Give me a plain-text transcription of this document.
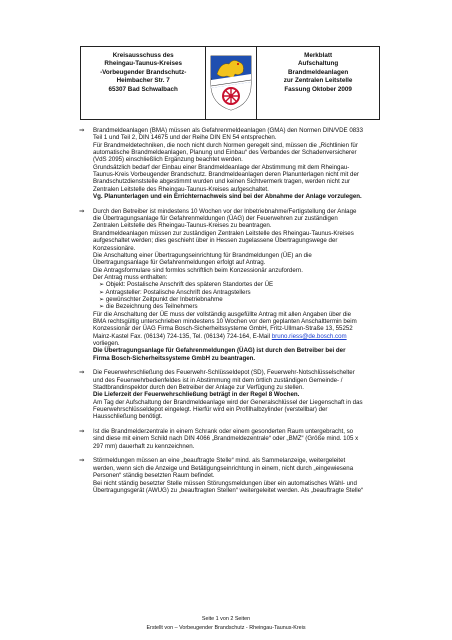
Kreisausschuss des
Rheingau-Taunus-Kreises
-Vorbeugender Brandschutz-
Heimbacher Str. 7
65307 Bad Schwalbach

Merkblatt
Aufschaltung
Brandmeldeanlagen
zur Zentralen Leitstelle
Fassung Oktober 2009
⇒	Brandmeldeanlagen (BMA) müssen als Gefahrenmeldeanlagen (GMA) den Normen DIN/VDE 0833
Teil 1 und Teil 2, DIN 14675 und der Reihe DIN EN 54 entsprechen.
Für Brandmeldetechniken, die noch nicht durch Normen geregelt sind, müssen die „Richtlinien für
automatische Brandmeldeanlagen, Planung und Einbau“ des Verbandes der Schadenversicherer
(VdS 2095) einschließlich Ergänzung beachtet werden.
Grundsätzlich bedarf der Einbau einer Brandmeldeanlage der Abstimmung mit dem Rheingau-
Taunus-Kreis Vorbeugender Brandschutz. Brandmeldeanlagen deren Planunterlagen nicht mit der
Brandschutzdienststelle abgestimmt wurden und keinen Sichtvermerk tragen, werden nicht zur
Zentralen Leitstelle des Rheingau-Taunus-Kreises aufgeschaltet.
Vg. Planunterlagen und ein Errichternachweis sind bei der Abnahme der Anlage vorzulegen.
⇒	Durch den Betreiber ist mindestens 10 Wochen vor der Inbetriebnahme/Fertigstellung der Anlage
die Übertragungsanlage für Gefahrenmeldungen (ÜAG) der Feuerwehren zur zuständigen
Zentralen Leitstelle des Rheingau-Taunus-Kreises zu beantragen.
Brandmeldeanlagen müssen zur zuständigen Zentralen Leitstelle des Rheingau-Taunus-Kreises
aufgeschaltet werden; dies geschieht über in Hessen zugelassene Übertragungswege der
Konzessionäre.
Die Anschaltung einer Übertragungseinrichtung für Brandmeldungen (ÜE) an die
Übertragungsanlage für Gefahrenmeldungen erfolgt auf Antrag.
Die Antragsformulare sind formlos schriftlich beim Konzessionär anzufordern.
Der Antrag muss enthalten:
➢ Objekt: Postalische Anschrift des späteren Standortes der ÜE
➢ Antragsteller: Postalische Anschrift des Antragstellers
➢ gewünschter Zeitpunkt der Inbetriebnahme
➢ die Bezeichnung des Teilnehmers
Für die Anschaltung der ÜE muss der vollständig ausgefüllte Antrag mit allen Angaben über die
BMA rechtsgültig unterschrieben mindestens 10 Wochen vor dem geplanten Anschalttermin beim
Konzessionär der ÜAG Firma Bosch-Sicherheitssysteme GmbH, Fritz-Ullman-Straße 13, 55252
Mainz-Kastel Fax. (06134) 724-135, Tel. (06134) 724-164, E-Mail bruno.riess@de.bosch.com
vorliegen.
Die Übertragungsanlage für Gefahrenmeldungen (ÜAG) ist durch den Betreiber bei der
Firma Bosch-Sicherheitssysteme GmbH zu beantragen.
⇒	Die Feuerwehrschließung des Feuerwehr-Schlüsseldepot (SD), Feuerwehr-Notschlüsselschelter
und des Feuerwehrbedienfeldes ist in Abstimmung mit dem örtlich zuständigen Gemeinde- /
Stadtbrandinspektor durch den Betreiber der Anlage zur Verfügung zu stellen.
Die Lieferzeit der Feuerwehrschließung beträgt in der Regel 8 Wochen.
Am Tag der Aufschaltung der Brandmeldeanlage wird der Generalschlüssel der Liegenschaft in das
Feuerwehrschlüsseldepot eingelegt. Hierfür wird ein Profilhalbzylinder (verstellbar) der
Hausschließung benötigt.
⇒	Ist die Brandmelderzentrale in einem Schrank oder einem gesonderten Raum untergebracht, so
sind diese mit einem Schild nach DIN 4066 „Brandmeldezentrale“ oder „BMZ“ (Größe mind. 105 x
297 mm) dauerhaft zu kennzeichnen.
⇒	Störmeldungen müssen an eine „beauftragte Stelle“ mind. als Sammelanzeige, weitergeleitet
werden, wenn sich die Anzeige und Betätigungseinrichtung in einem, nicht durch „eingewiesena
Personen“ ständig besetzten Raum befindet.
Bei nicht ständig besetzter Stelle müssen Störungsmeldungen über ein automatisches Wähl- und
Übertragungsgerät (AWUG) zu „beauftragten Stellen“ weitergeleitet werden. Als „beauftragte Stelle“
Seite 1 von 2 Seiten
Erstellt von – Vorbeugender Brandschutz - Rheingau-Taunus-Kreis
